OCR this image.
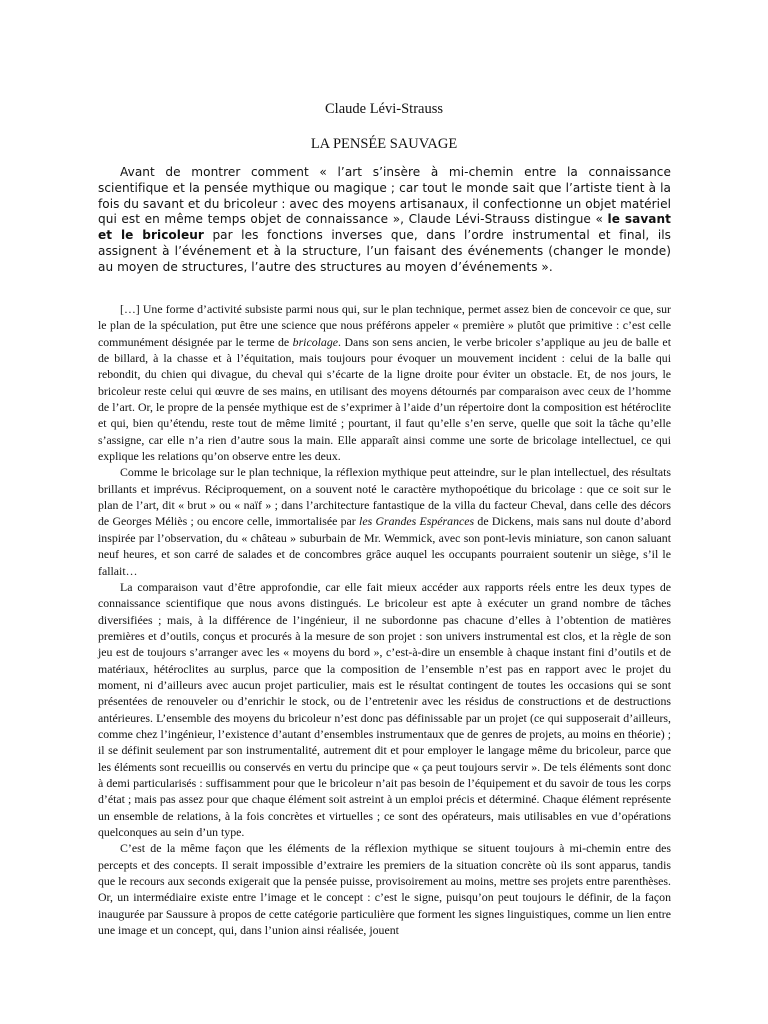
Claude Lévi-Strauss
LA PENSÉE SAUVAGE
Avant de montrer comment « l’art s’insère à mi-chemin entre la connaissance scientifique et la pensée mythique ou magique ; car tout le monde sait que l’artiste tient à la fois du savant et du bricoleur : avec des moyens artisanaux, il confectionne un objet matériel qui est en même temps objet de connaissance », Claude Lévi-Strauss distingue « le savant et le bricoleur par les fonctions inverses que, dans l’ordre instrumental et final, ils assignent à l’événement et à la structure, l’un faisant des événements (changer le monde) au moyen de structures, l’autre des structures au moyen d’événements ».

[…] Une forme d’activité subsiste parmi nous qui, sur le plan technique, permet assez bien de concevoir ce que, sur le plan de la spéculation, put être une science que nous préférons appeler « première » plutôt que primitive : c’est celle communément désignée par le terme de bricolage. Dans son sens ancien, le verbe bricoler s’applique au jeu de balle et de billard, à la chasse et à l’équitation, mais toujours pour évoquer un mouvement incident : celui de la balle qui rebondit, du chien qui divague, du cheval qui s’écarte de la ligne droite pour éviter un obstacle. Et, de nos jours, le bricoleur reste celui qui œuvre de ses mains, en utilisant des moyens détournés par comparaison avec ceux de l’homme de l’art. Or, le propre de la pensée mythique est de s’exprimer à l’aide d’un répertoire dont la composition est hétéroclite et qui, bien qu’étendu, reste tout de même limité ; pourtant, il faut qu’elle s’en serve, quelle que soit la tâche qu’elle s’assigne, car elle n’a rien d’autre sous la main. Elle apparaît ainsi comme une sorte de bricolage intellectuel, ce qui explique les relations qu’on observe entre les deux.

Comme le bricolage sur le plan technique, la réflexion mythique peut atteindre, sur le plan intellectuel, des résultats brillants et imprévus. Réciproquement, on a souvent noté le caractère mythopoétique du bricolage : que ce soit sur le plan de l’art, dit « brut » ou « naïf » ; dans l’architecture fantastique de la villa du facteur Cheval, dans celle des décors de Georges Méliès ; ou encore celle, immortalisée par les Grandes Espérances de Dickens, mais sans nul doute d’abord inspirée par l’observation, du « château » suburbain de Mr. Wemmick, avec son pont-levis miniature, son canon saluant neuf heures, et son carré de salades et de concombres grâce auquel les occupants pourraient soutenir un siège, s’il le fallait…

La comparaison vaut d’être approfondie, car elle fait mieux accéder aux rapports réels entre les deux types de connaissance scientifique que nous avons distingués. Le bricoleur est apte à exécuter un grand nombre de tâches diversifiées ; mais, à la différence de l’ingénieur, il ne subordonne pas chacune d’elles à l’obtention de matières premières et d’outils, conçus et procurés à la mesure de son projet : son univers instrumental est clos, et la règle de son jeu est de toujours s’arranger avec les « moyens du bord », c’est-à-dire un ensemble à chaque instant fini d’outils et de matériaux, hétéroclites au surplus, parce que la composition de l’ensemble n’est pas en rapport avec le projet du moment, ni d’ailleurs avec aucun projet particulier, mais est le résultat contingent de toutes les occasions qui se sont présentées de renouveler ou d’enrichir le stock, ou de l’entretenir avec les résidus de constructions et de destructions antérieures. L’ensemble des moyens du bricoleur n’est donc pas définissable par un projet (ce qui supposerait d’ailleurs, comme chez l’ingénieur, l’existence d’autant d’ensembles instrumentaux que de genres de projets, au moins en théorie) ; il se définit seulement par son instrumentalité, autrement dit et pour employer le langage même du bricoleur, parce que les éléments sont recueillis ou conservés en vertu du principe que « ça peut toujours servir ». De tels éléments sont donc à demi particularisés : suffisamment pour que le bricoleur n’ait pas besoin de l’équipement et du savoir de tous les corps d’état ; mais pas assez pour que chaque élément soit astreint à un emploi précis et déterminé. Chaque élément représente un ensemble de relations, à la fois concrètes et virtuelles ; ce sont des opérateurs, mais utilisables en vue d’opérations quelconques au sein d’un type.

C’est de la même façon que les éléments de la réflexion mythique se situent toujours à mi-chemin entre des percepts et des concepts. Il serait impossible d’extraire les premiers de la situation concrète où ils sont apparus, tandis que le recours aux seconds exigerait que la pensée puisse, provisoirement au moins, mettre ses projets entre parenthèses. Or, un intermédiaire existe entre l’image et le concept : c’est le signe, puisqu’on peut toujours le définir, de la façon inaugurée par Saussure à propos de cette catégorie particulière que forment les signes linguistiques, comme un lien entre une image et un concept, qui, dans l’union ainsi réalisée, jouent
